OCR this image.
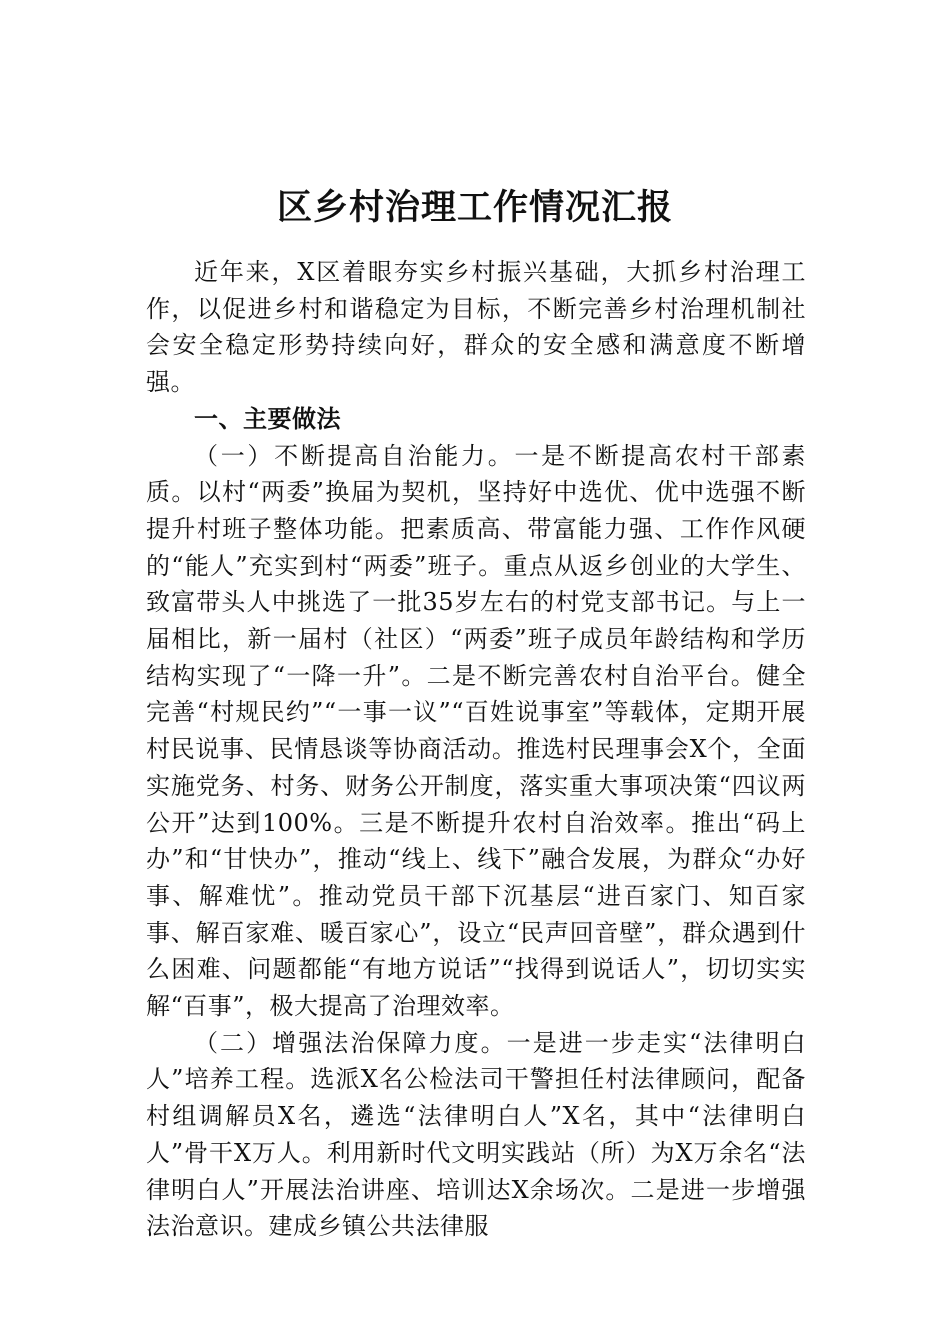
区乡村治理工作情况汇报

近年来，X区着眼夯实乡村振兴基础，大抓乡村治理工作，以促进乡村和谐稳定为目标，不断完善乡村治理机制社会安全稳定形势持续向好，群众的安全感和满意度不断增强。

一、主要做法

（一）不断提高自治能力。一是不断提高农村干部素质。以村“两委”换届为契机，坚持好中选优、优中选强不断提升村班子整体功能。把素质高、带富能力强、工作作风硬的“能人”充实到村“两委”班子。重点从返乡创业的大学生、致富带头人中挑选了一批35岁左右的村党支部书记。与上一届相比，新一届村（社区）“两委”班子成员年龄结构和学历结构实现了“一降一升”。二是不断完善农村自治平台。健全完善“村规民约”“一事一议”“百姓说事室”等载体，定期开展村民说事、民情恳谈等协商活动。推选村民理事会X个，全面实施党务、村务、财务公开制度，落实重大事项决策“四议两公开”达到100%。三是不断提升农村自治效率。推出“码上办”和“甘快办”，推动“线上、线下”融合发展，为群众“办好事、解难忧”。推动党员干部下沉基层“进百家门、知百家事、解百家难、暖百家心”，设立“民声回音壁”，群众遇到什么困难、问题都能“有地方说话”“找得到说话人”，切切实实解“百事”，极大提高了治理效率。

（二）增强法治保障力度。一是进一步走实“法律明白人”培养工程。选派X名公检法司干警担任村法律顾问，配备村组调解员X名，遴选“法律明白人”X名，其中“法律明白人”骨干X万人。利用新时代文明实践站（所）为X万余名“法律明白人”开展法治讲座、培训达X余场次。二是进一步增强法治意识。建成乡镇公共法律服
